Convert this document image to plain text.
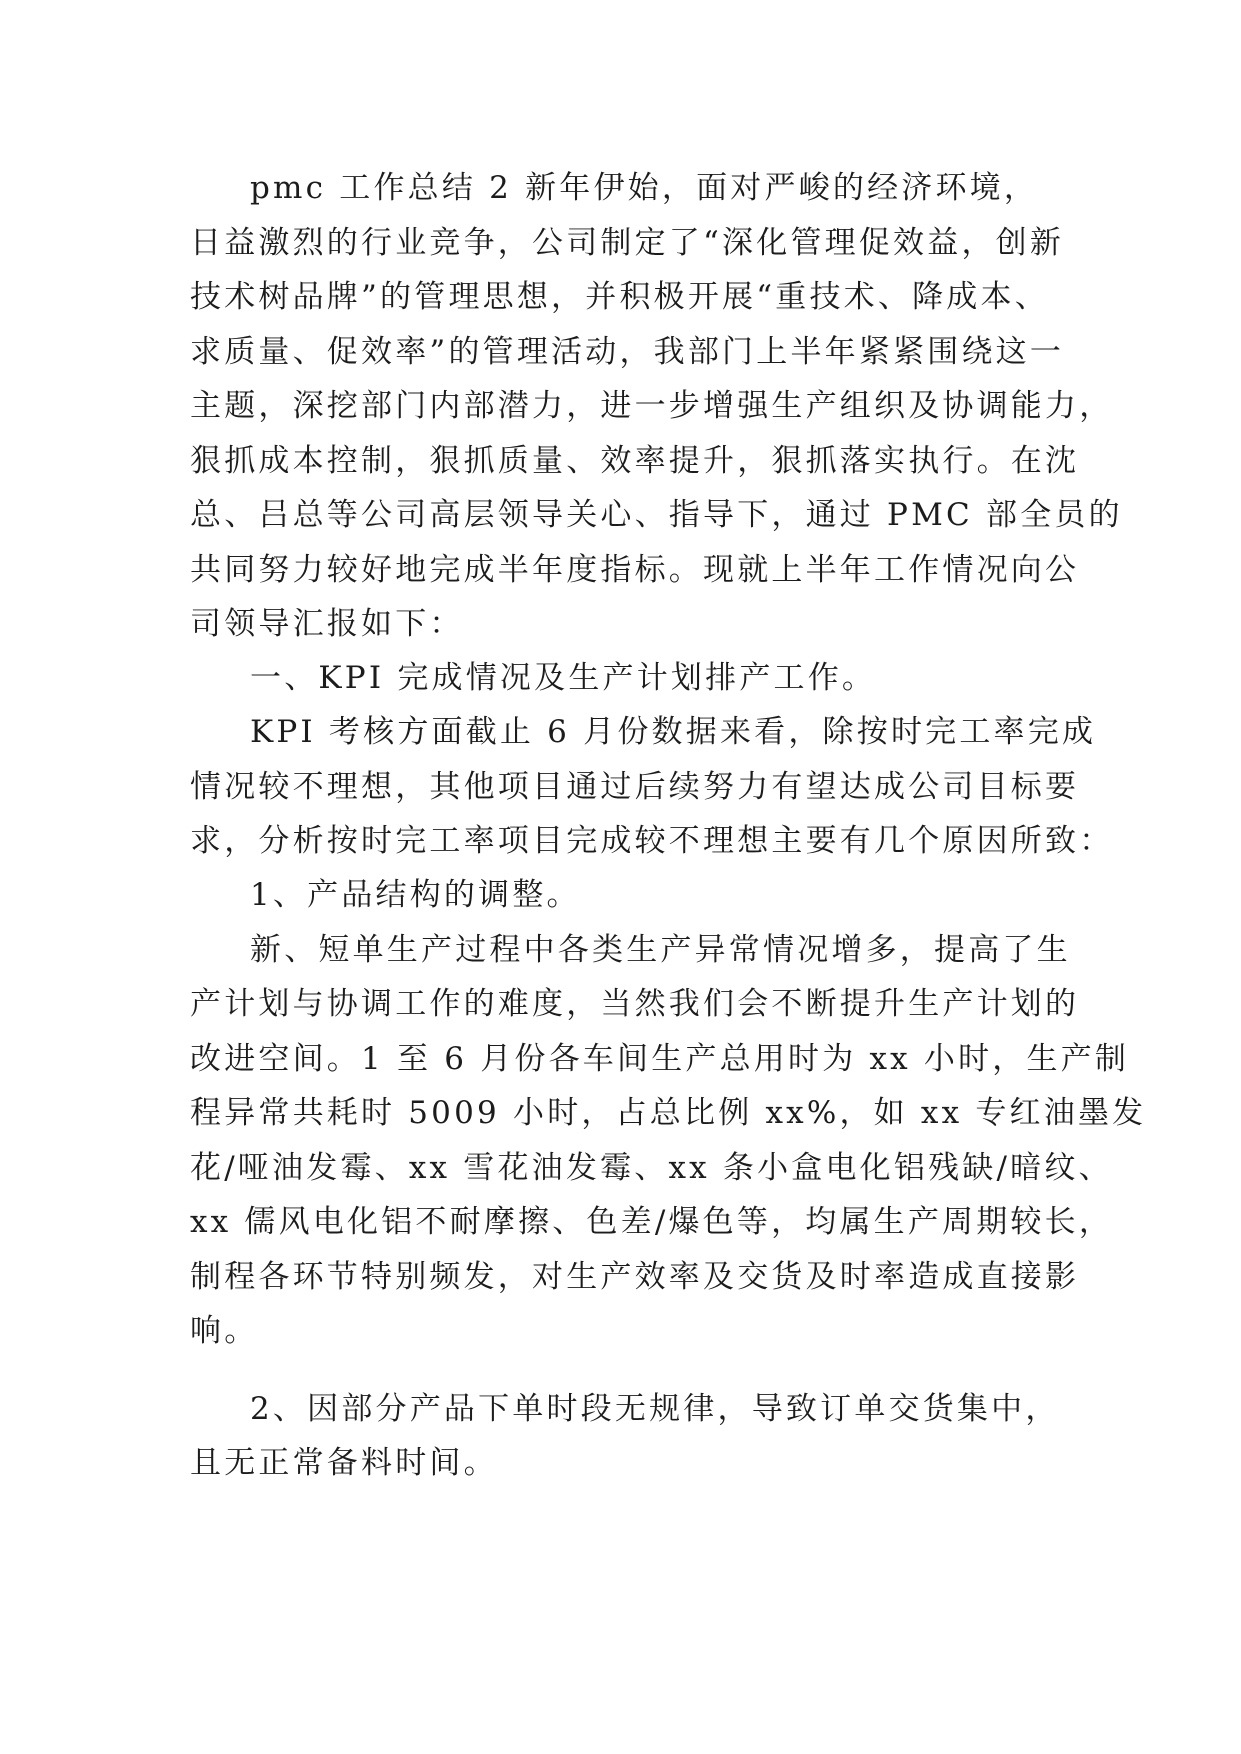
pmc 工作总结 2 新年伊始，面对严峻的经济环境，
日益激烈的行业竞争，公司制定了“深化管理促效益，创新
技术树品牌”的管理思想，并积极开展“重技术、降成本、
求质量、促效率”的管理活动，我部门上半年紧紧围绕这一
主题，深挖部门内部潜力，进一步增强生产组织及协调能力，
狠抓成本控制，狠抓质量、效率提升，狠抓落实执行。在沈
总、吕总等公司高层领导关心、指导下，通过 PMC 部全员的
共同努力较好地完成半年度指标。现就上半年工作情况向公
司领导汇报如下：
一、KPI 完成情况及生产计划排产工作。
KPI 考核方面截止 6 月份数据来看，除按时完工率完成
情况较不理想，其他项目通过后续努力有望达成公司目标要
求，分析按时完工率项目完成较不理想主要有几个原因所致：
1、产品结构的调整。
新、短单生产过程中各类生产异常情况增多，提高了生
产计划与协调工作的难度，当然我们会不断提升生产计划的
改进空间。1 至 6 月份各车间生产总用时为 xx 小时，生产制
程异常共耗时 5009 小时，占总比例 xx%，如 xx 专红油墨发
花/哑油发霉、xx 雪花油发霉、xx 条小盒电化铝残缺/暗纹、
xx 儒风电化铝不耐摩擦、色差/爆色等，均属生产周期较长，
制程各环节特别频发，对生产效率及交货及时率造成直接影
响。
2、因部分产品下单时段无规律，导致订单交货集中，
且无正常备料时间。
